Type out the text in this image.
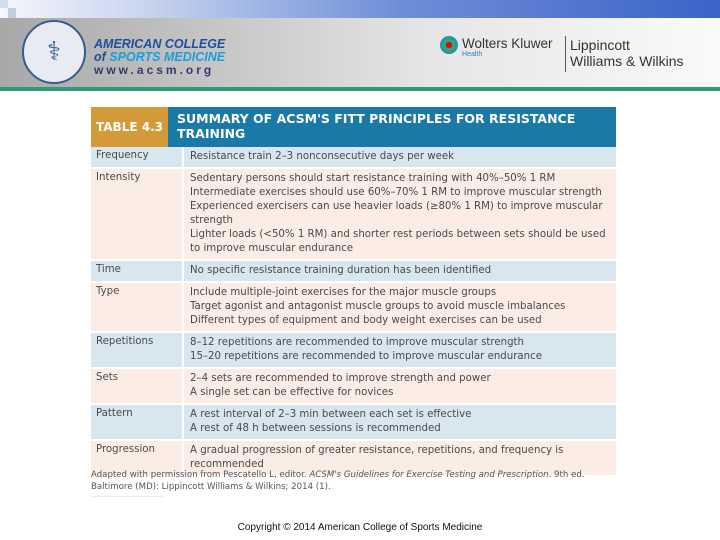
⚕	AMERICAN COLLEGE
of SPORTS MEDICINE
www.acsm.org
Wolters Kluwer
Health
Lippincott
Williams & Wilkins
TABLE 4.3
SUMMARY OF ACSM'S FITT PRINCIPLES FOR RESISTANCE TRAINING
Frequency	Resistance train 2–3 nonconsecutive days per week
Intensity	Sedentary persons should start resistance training with 40%–50% 1 RM
Intermediate exercises should use 60%–70% 1 RM to improve muscular strength
Experienced exercisers can use heavier loads (≥80% 1 RM) to improve muscular strength
Lighter loads (<50% 1 RM) and shorter rest periods between sets should be used to improve muscular endurance
Time	No specific resistance training duration has been identified
Type	Include multiple-joint exercises for the major muscle groups
Target agonist and antagonist muscle groups to avoid muscle imbalances
Different types of equipment and body weight exercises can be used
Repetitions	8–12 repetitions are recommended to improve muscular strength
15–20 repetitions are recommended to improve muscular endurance
Sets	2–4 sets are recommended to improve strength and power
A single set can be effective for novices
Pattern	A rest interval of 2–3 min between each set is effective
A rest of 48 h between sessions is recommended
Progression	A gradual progression of greater resistance, repetitions, and frequency is recommended
Adapted with permission from Pescatello L, editor. ACSM's Guidelines for Exercise Testing and Prescription. 9th ed. Baltimore (MD): Lippincott Williams & Wilkins; 2014 (1).
————————————————————————
Copyright © 2014 American College of Sports Medicine
